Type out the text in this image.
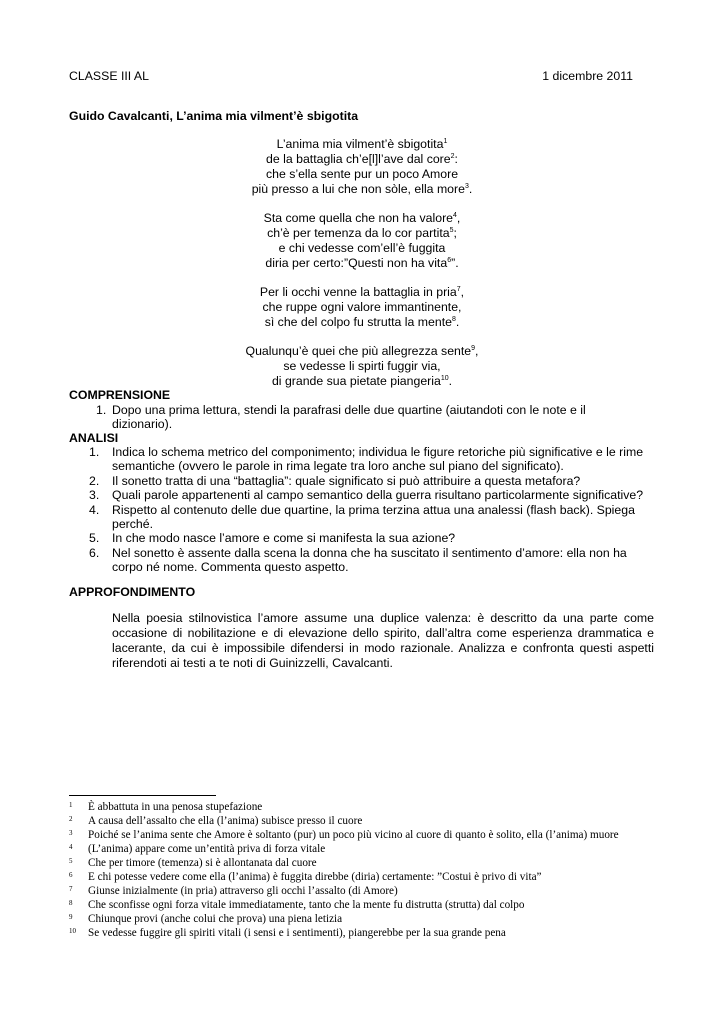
CLASSE III AL	1 dicembre 2011
Guido Cavalcanti, L’anima mia vilment’è sbigotita
L’anima mia vilment’è sbigotita$^1$
de la battaglia ch’e[l]l’ave dal core$^2$:
che s’ella sente pur un poco Amore
più presso a lui che non sòle, ella more$^3$.
Sta come quella che non ha valore$^4$,
ch’è per temenza da lo cor partita$^5$;
e chi vedesse com’ell’è fuggita
diria per certo:”Questi non ha vita$^6$”.
Per li occhi venne la battaglia in pria$^7$,
che ruppe ogni valore immantinente,
sì che del colpo fu strutta la mente$^8$.
Qualunqu’è quei che più allegrezza sente$^9$,
se vedesse li spirti fuggir via,
di grande sua pietate piangeria$^{10}$.
COMPRENSIONE
1. Dopo una prima lettura, stendi la parafrasi delle due quartine (aiutandoti con le note e il dizionario).
ANALISI
1. Indica lo schema metrico del componimento; individua le figure retoriche più significative e le rime semantiche (ovvero le parole in rima legate tra loro anche sul piano del significato).
2. Il sonetto tratta di una “battaglia”: quale significato si può attribuire a questa metafora?
3. Quali parole appartenenti al campo semantico della guerra risultano particolarmente significative?
4. Rispetto al contenuto delle due quartine, la prima terzina attua una analessi (flash back). Spiega perché.
5. In che modo nasce l’amore e come si manifesta la sua azione?
6. Nel sonetto è assente dalla scena la donna che ha suscitato il sentimento d’amore: ella non ha corpo né nome. Commenta questo aspetto.
APPROFONDIMENTO
Nella poesia stilnovistica l’amore assume una duplice valenza: è descritto da una parte come occasione di nobilitazione e di elevazione dello spirito, dall’altra come esperienza drammatica e lacerante, da cui è impossibile difendersi in modo razionale. Analizza e confronta questi aspetti riferendoti ai testi a te noti di Guinizzelli, Cavalcanti.
1 È abbattuta in una penosa stupefazione
2 A causa dell’assalto che ella (l’anima) subisce presso il cuore
3 Poiché se l’anima sente che Amore è soltanto (pur) un poco più vicino al cuore di quanto è solito, ella (l’anima) muore
4 (L’anima) appare come un’entità priva di forza vitale
5 Che per timore (temenza) si è allontanata dal cuore
6 E chi potesse vedere come ella (l’anima) è fuggita direbbe (diria) certamente: ”Costui è privo di vita”
7 Giunse inizialmente (in pria) attraverso gli occhi l’assalto (di Amore)
8 Che sconfisse ogni forza vitale immediatamente, tanto che la mente fu distrutta (strutta) dal colpo
9 Chiunque provi (anche colui che prova) una piena letizia
10 Se vedesse fuggire gli spiriti vitali (i sensi e i sentimenti), piangerebbe per la sua grande pena
